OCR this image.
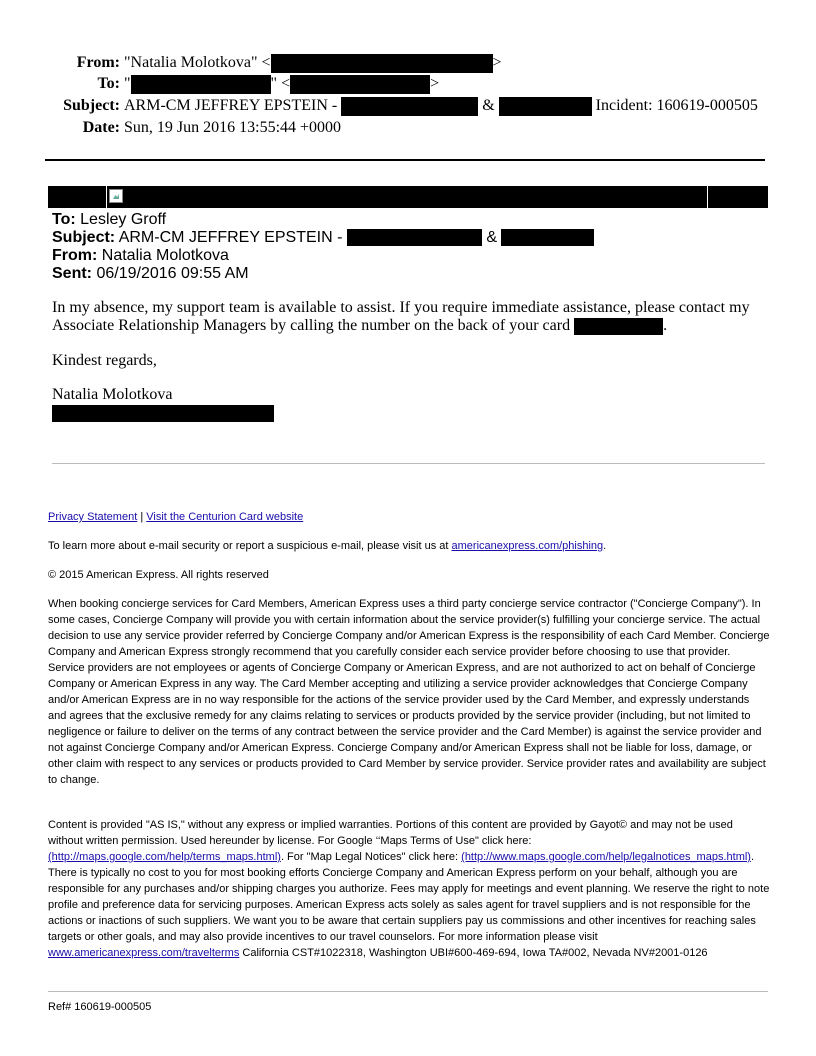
From: "Natalia Molotkova" <	>
To: "	" <	>
Subject: ARM-CM JEFFREY EPSTEIN -	&	Incident: 160619-000505
Date: Sun, 19 Jun 2016 13:55:44 +0000
To: Lesley Groff
Subject: ARM-CM JEFFREY EPSTEIN -	&
From: Natalia Molotkova
Sent: 06/19/2016 09:55 AM

In my absence, my support team is available to assist. If you require immediate assistance, please contact my Associate Relationship Managers by calling the number on the back of your card	.

Kindest regards,

Natalia Molotkova

Privacy Statement | Visit the Centurion Card website

To learn more about e-mail security or report a suspicious e-mail, please visit us at americanexpress.com/phishing.

© 2015 American Express. All rights reserved

When booking concierge services for Card Members, American Express uses a third party concierge service contractor ("Concierge Company"). In some cases, Concierge Company will provide you with certain information about the service provider(s) fulfilling your concierge service. The actual decision to use any service provider referred by Concierge Company and/or American Express is the responsibility of each Card Member. Concierge Company and American Express strongly recommend that you carefully consider each service provider before choosing to use that provider. Service providers are not employees or agents of Concierge Company or American Express, and are not authorized to act on behalf of Concierge Company or American Express in any way. The Card Member accepting and utilizing a service provider acknowledges that Concierge Company and/or American Express are in no way responsible for the actions of the service provider used by the Card Member, and expressly understands and agrees that the exclusive remedy for any claims relating to services or products provided by the service provider (including, but not limited to negligence or failure to deliver on the terms of any contract between the service provider and the Card Member) is against the service provider and not against Concierge Company and/or American Express. Concierge Company and/or American Express shall not be liable for loss, damage, or other claim with respect to any services or products provided to Card Member by service provider. Service provider rates and availability are subject to change.

Content is provided "AS IS," without any express or implied warranties. Portions of this content are provided by Gayot© and may not be used without written permission. Used hereunder by license. For Google ‘‘Maps Terms of Use" click here: (http://maps.google.com/help/terms_maps.html). For "Map Legal Notices" click here: (http://www.maps.google.com/help/legalnotices_maps.html). There is typically no cost to you for most booking efforts Concierge Company and American Express perform on your behalf, although you are responsible for any purchases and/or shipping charges you authorize. Fees may apply for meetings and event planning. We reserve the right to note profile and preference data for servicing purposes. American Express acts solely as sales agent for travel suppliers and is not responsible for the actions or inactions of such suppliers. We want you to be aware that certain suppliers pay us commissions and other incentives for reaching sales targets or other goals, and may also provide incentives to our travel counselors. For more information please visit www.americanexpress.com/travelterms California CST#1022318, Washington UBI#600-469-694, Iowa TA#002, Nevada NV#2001-0126

Ref# 160619-000505
